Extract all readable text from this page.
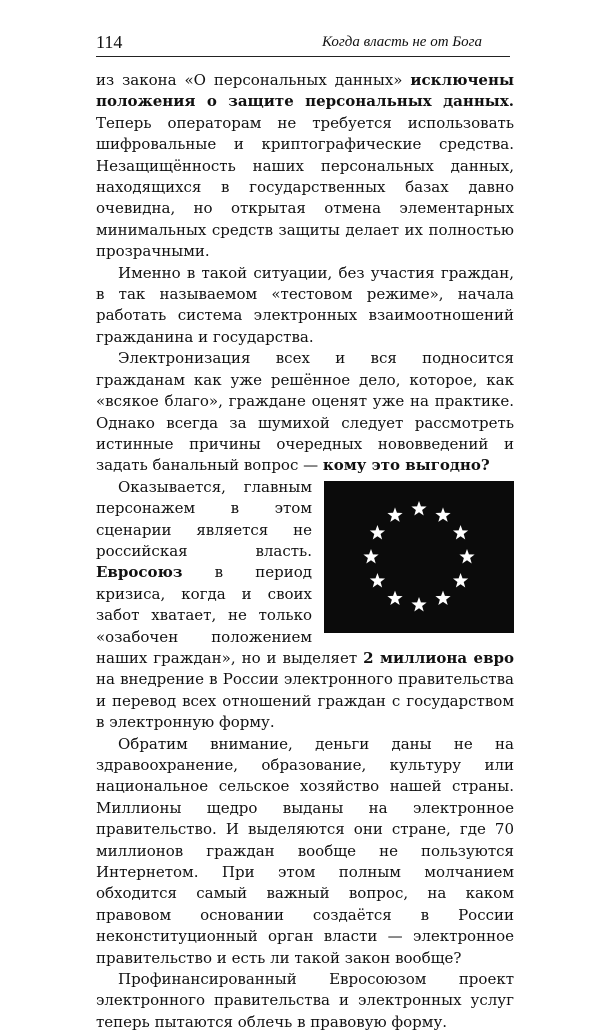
114	Когда власть не от Бога

из закона «О персональных данных» исключены положения о защите персональных данных. Теперь операторам не требуется использовать шифровальные и криптографические средства. Незащищённость наших персональных данных, находящихся в государственных базах давно очевидна, но открытая отмена элементарных минимальных средств защиты делает их полностью прозрачными.

Именно в такой ситуации, без участия граждан, в так называемом «тестовом режиме», начала работать система электронных взаимоотношений гражданина и государства.

Электронизация всех и вся подносится гражданам как уже решённое дело, которое, как «всякое благо», граждане оценят уже на практике. Однако всегда за шумихой следует рассмотреть истинные причины очередных нововведений и задать банальный вопрос — кому это выгодно?

Оказывается, главным персонажем в этом сценарии является не российская власть. Евросоюз в период кризиса, когда и своих забот хватает, не только «озабочен положением наших граждан», но и выделяет 2 миллиона евро на внедрение в России электронного правительства и перевод всех отношений граждан с государством в электронную форму.

Обратим внимание, деньги даны не на здравоохранение, образование, культуру или национальное сельское хозяйство нашей страны. Миллионы щедро выданы на электронное правительство. И выделяются они стране, где 70 миллионов граждан вообще не пользуются Интернетом. При этом полным молчанием обходится самый важный вопрос, на каком правовом основании создаётся в России неконституционный орган власти — электронное правительство и есть ли такой закон вообще?

Профинансированный Евросоюзом проект электронного правительства и электронных услуг теперь пытаются облечь в правовую форму.
